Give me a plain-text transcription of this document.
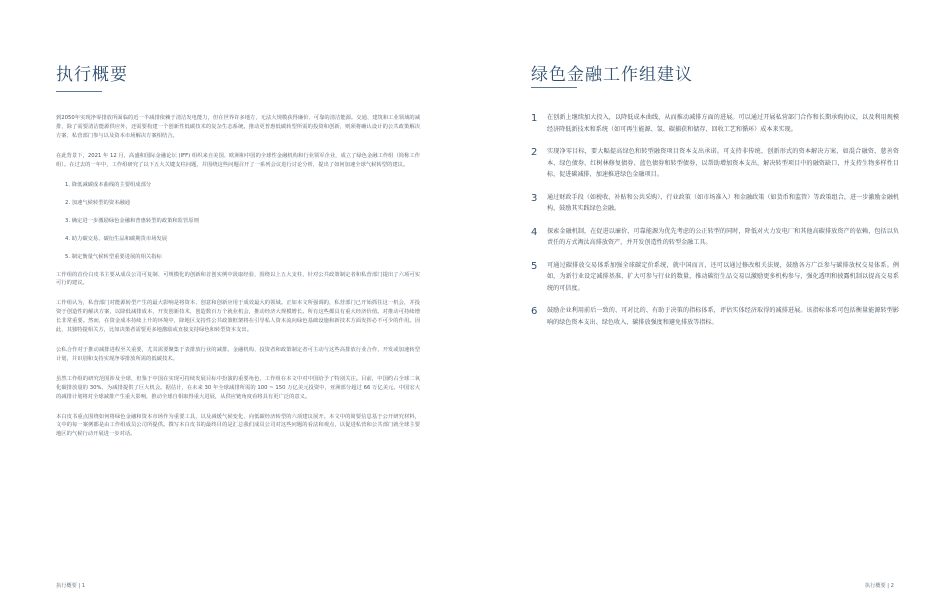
执行概要

到2050年实现净零排放所面临的近一半减排依赖于清洁发电能力，但在世界许多地方，无法大规模获得廉价、可靠的清洁能源。交通、建筑和工业领域的减排，除了需要清洁能源供应外，还需要构建一个创新性低碳技术的复杂生态系统。推动更普惠低碳转型所需的投资和创新，则须将确认设计的公共政策解决方案、私营部门参与以及资本市场解决方案相结合。

在此背景下，2021 年 12 月，高盛和国际金融论坛 (IFF) 组织来自美国、欧洲和中国的全球性金融机构和行业领军企业，成立了绿色金融工作组（简称工作组）。在过去的一年中，工作组研究了以下五大关键支柱问题，并围绕这些问题召开了一系列会议进行讨论分析，提出了如何加速全球气候转型的建议。

1. 降低减碳成本曲线的主要组成部分
2. 加速气候转型的资本融通
3. 确定进一步激励绿色金融和普惠转型的政策和监管原则
4. 助力碳交易、碳衍生品和碳期货市场发展
5. 制定衡量气候转型重要进展的相关指标

工作组的首份白皮书主要从成员公司可复制、可规模化的创新和首创实例中汲取经验，围绕以上五大支柱，针对公共政策制定者和私营部门提出了六项可实可行的建议。

工作组认为，私营部门对能源转型产生的最大影响是将资本、创意和创新应用于成效最大的领域。正如本文所强调的，私营部门已开始抓住这一机会，并投资于创造性的解决方案，以降低减排成本，开发创新技术，创造数百万个就业机会，推动经济大规模增长。所有这些都具有重大经济价值。对推动可持续增长非常重要。然而，在资金成本持续上升的环境中，降地区支持性公共政策框架将在引导私人资本流向绿色基础设施和新技术方面发挥必不可少的作用。因此，其独特提相关方，比如决策者需要更多地激励或直接支持绿色和转型资本支出。

公私合作对于推动减排进程至关重要，尤其需要聚集于表排放行业的减排。金融机构、投资者和政策制定者可主动与这些高排放行业合作，开发或加速转型计划，并识别和支持实现净零排放所需的低碳技术。

虽然工作组的研究范围涉及全球，但鉴于中国在实现可持续发展目标中扮演的重要角色，工作组在本文中对中国给予了特别关注。目前，中国约占全球二氧化碳排放量的 30%，为减排提供了巨大机会。据估计，在未来 30 年全球减排所需的 100 ~ 150 万亿美元投资中，亚洲部分超过 66 万亿美元。中国宏大的减排计划将对全球减排产生重大影响，推动全球自相取得重大进展，从供应链角度看将具有更广泛的意义。

本白皮书重点围绕如何将绿色金融和资本市场作为重要工具，以及减缓气候变化、向低碳经济转型的六项建议展开。本文中的简要信息基于公开研究材料，文中的每一案例都是由工作组成员公司所提供。撰写本白皮书的最终目的是汇总我们成员公司对这些问题的看法和观点，以促进私营和公共部门就全球主要地区的气候行动开展进一步对话。

执行概要 | 1
绿色金融工作组建议
1	在创新上继续加大投入，以降低成本曲线，从而推动减排方面的进展。可以通过开展私营部门合作和长期承购协议，以及利用规模经济降低新技术和系统（如可再生能源、氢、碳捕获和储存、回收工艺和循环）成本来实现。
2	实现净零目标，要大幅提高绿色和转型融资项目资本支出承诺。可支持非传统、创新形式的资本解决方案，如混合融资、慈善资本、绿色债券、红树林修复债券、蓝色债券和转型债券，以帮助增加资本支出，解决转型项目中的融资缺口，并支持生物多样性目标，促进碳减排，加速推进绿色金融项目。
3	通过财政手段（如税收、补贴和公共采购）、行业政策（如市场准入）和金融政策（如货币和监管）等政策组合，进一步激励金融机构，鼓励其实践绿色金融。
4	探索金融机制，在促进以廉价、可靠能源为优先考虑的公正转型的同时，降低对火力发电厂和其他高碳排放资产的依赖，包括以负责任的方式淘汰高排放资产，并开发创造性的转型金融工具。
5	可通过碳排放交易体系加强全球碳定价系统，就中国而言，还可以通过修改相关法规，鼓励各方广泛参与碳排放权交易体系。例如，为新行业设定减排基准，扩大可参与行业的数量，推动碳衍生品交易以激励更多机构参与，强化透明和披露机制以提高交易系统的可信度。
6	鼓励企业利用前后一致的、可对比的、有助于决策的指标体系，评估实体经济取得的减排进展。该指标体系可包括衡量能源转型影响的绿色资本支出、绿色收入、碳排放强度和避免排放等指标。
执行概要 | 2
